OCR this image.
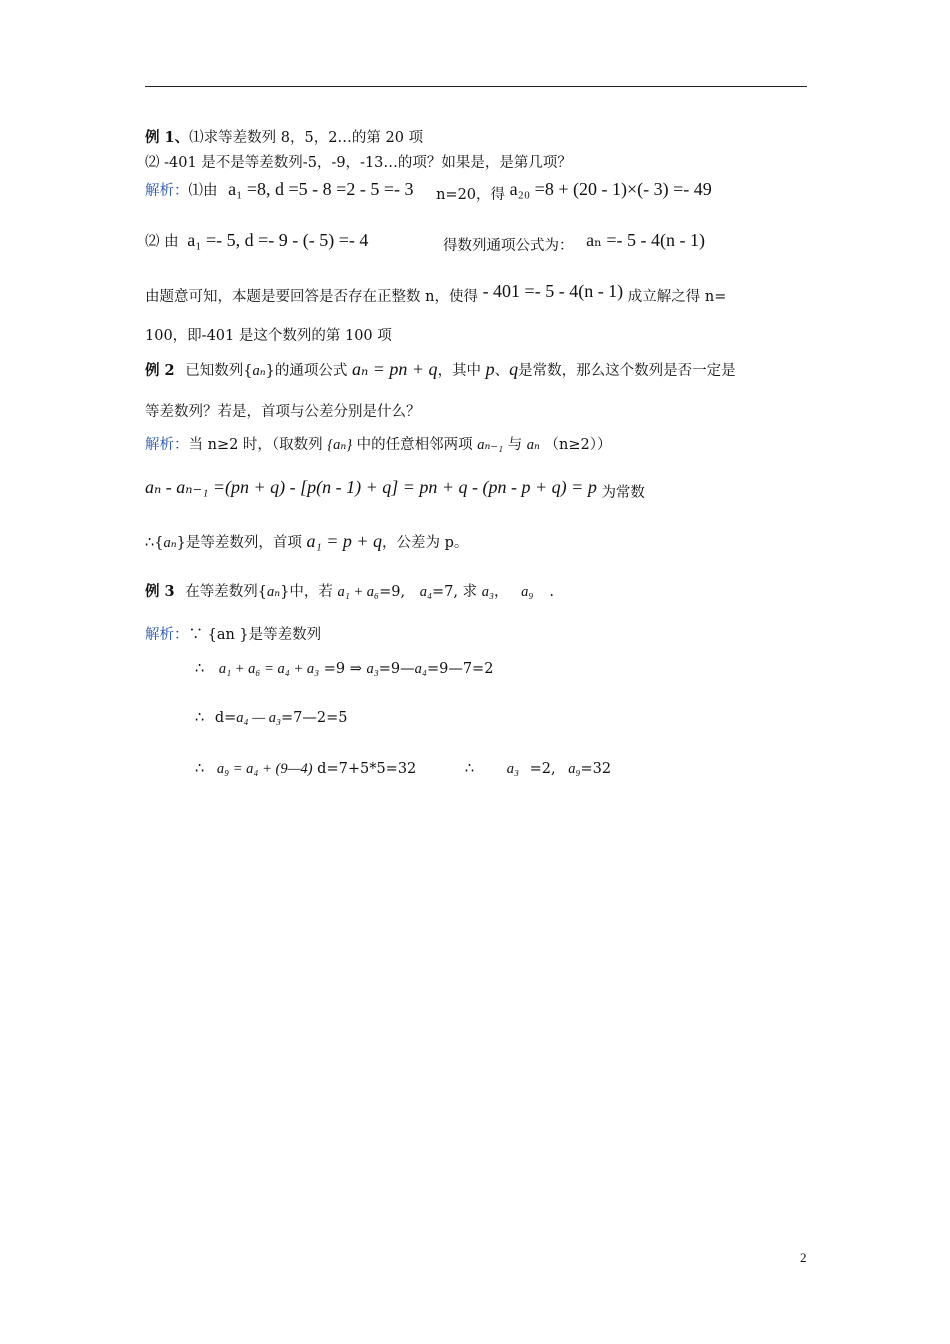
例 1、⑴求等差数列 8，5，2…的第 20 项
⑵ -401 是不是等差数列-5，-9，-13…的项？如果是，是第几项？
解析：⑴由 a₁ =8, d =5 - 8 =2 - 5 =- 3 n=20，得 a₂₀ =8 + (20 - 1)×(- 3) =- 49
⑵ 由 a₁ =- 5, d =- 9 - (- 5) =- 4	得数列通项公式为： aₙ =- 5 - 4(n - 1)
由题意可知，本题是要回答是否存在正整数 n，使得 - 401 =- 5 - 4(n - 1) 成立解之得 n=
100，即-401 是这个数列的第 100 项
例 2 已知数列{aₙ}的通项公式 aₙ = pn + q，其中 p、q是常数，那么这个数列是否一定是
等差数列？若是，首项与公差分别是什么？
解析：当 n≥2 时，（取数列 {aₙ} 中的任意相邻两项 aₙ₋₁ 与 aₙ （n≥2））
aₙ - aₙ₋₁ =(pn + q) - [p(n - 1) + q] = pn + q - (pn - p + q) = p 为常数
∴{aₙ}是等差数列，首项 a₁ = p + q，公差为 p。
例 3 在等差数列{aₙ}中，若 a₁ + a₆=9, a₄=7, 求 a₃， a₉ .
解析：∵ {an }是等差数列
∴ a₁ + a₆ = a₄ + a₃ =9 ⇒ a₃=9—a₄=9—7=2
∴ d=a₄ — a₃=7—2=5
∴ a₉ = a₄ + (9—4) d=7+5*5=32	∴ a₃ =2, a₉=32
2
